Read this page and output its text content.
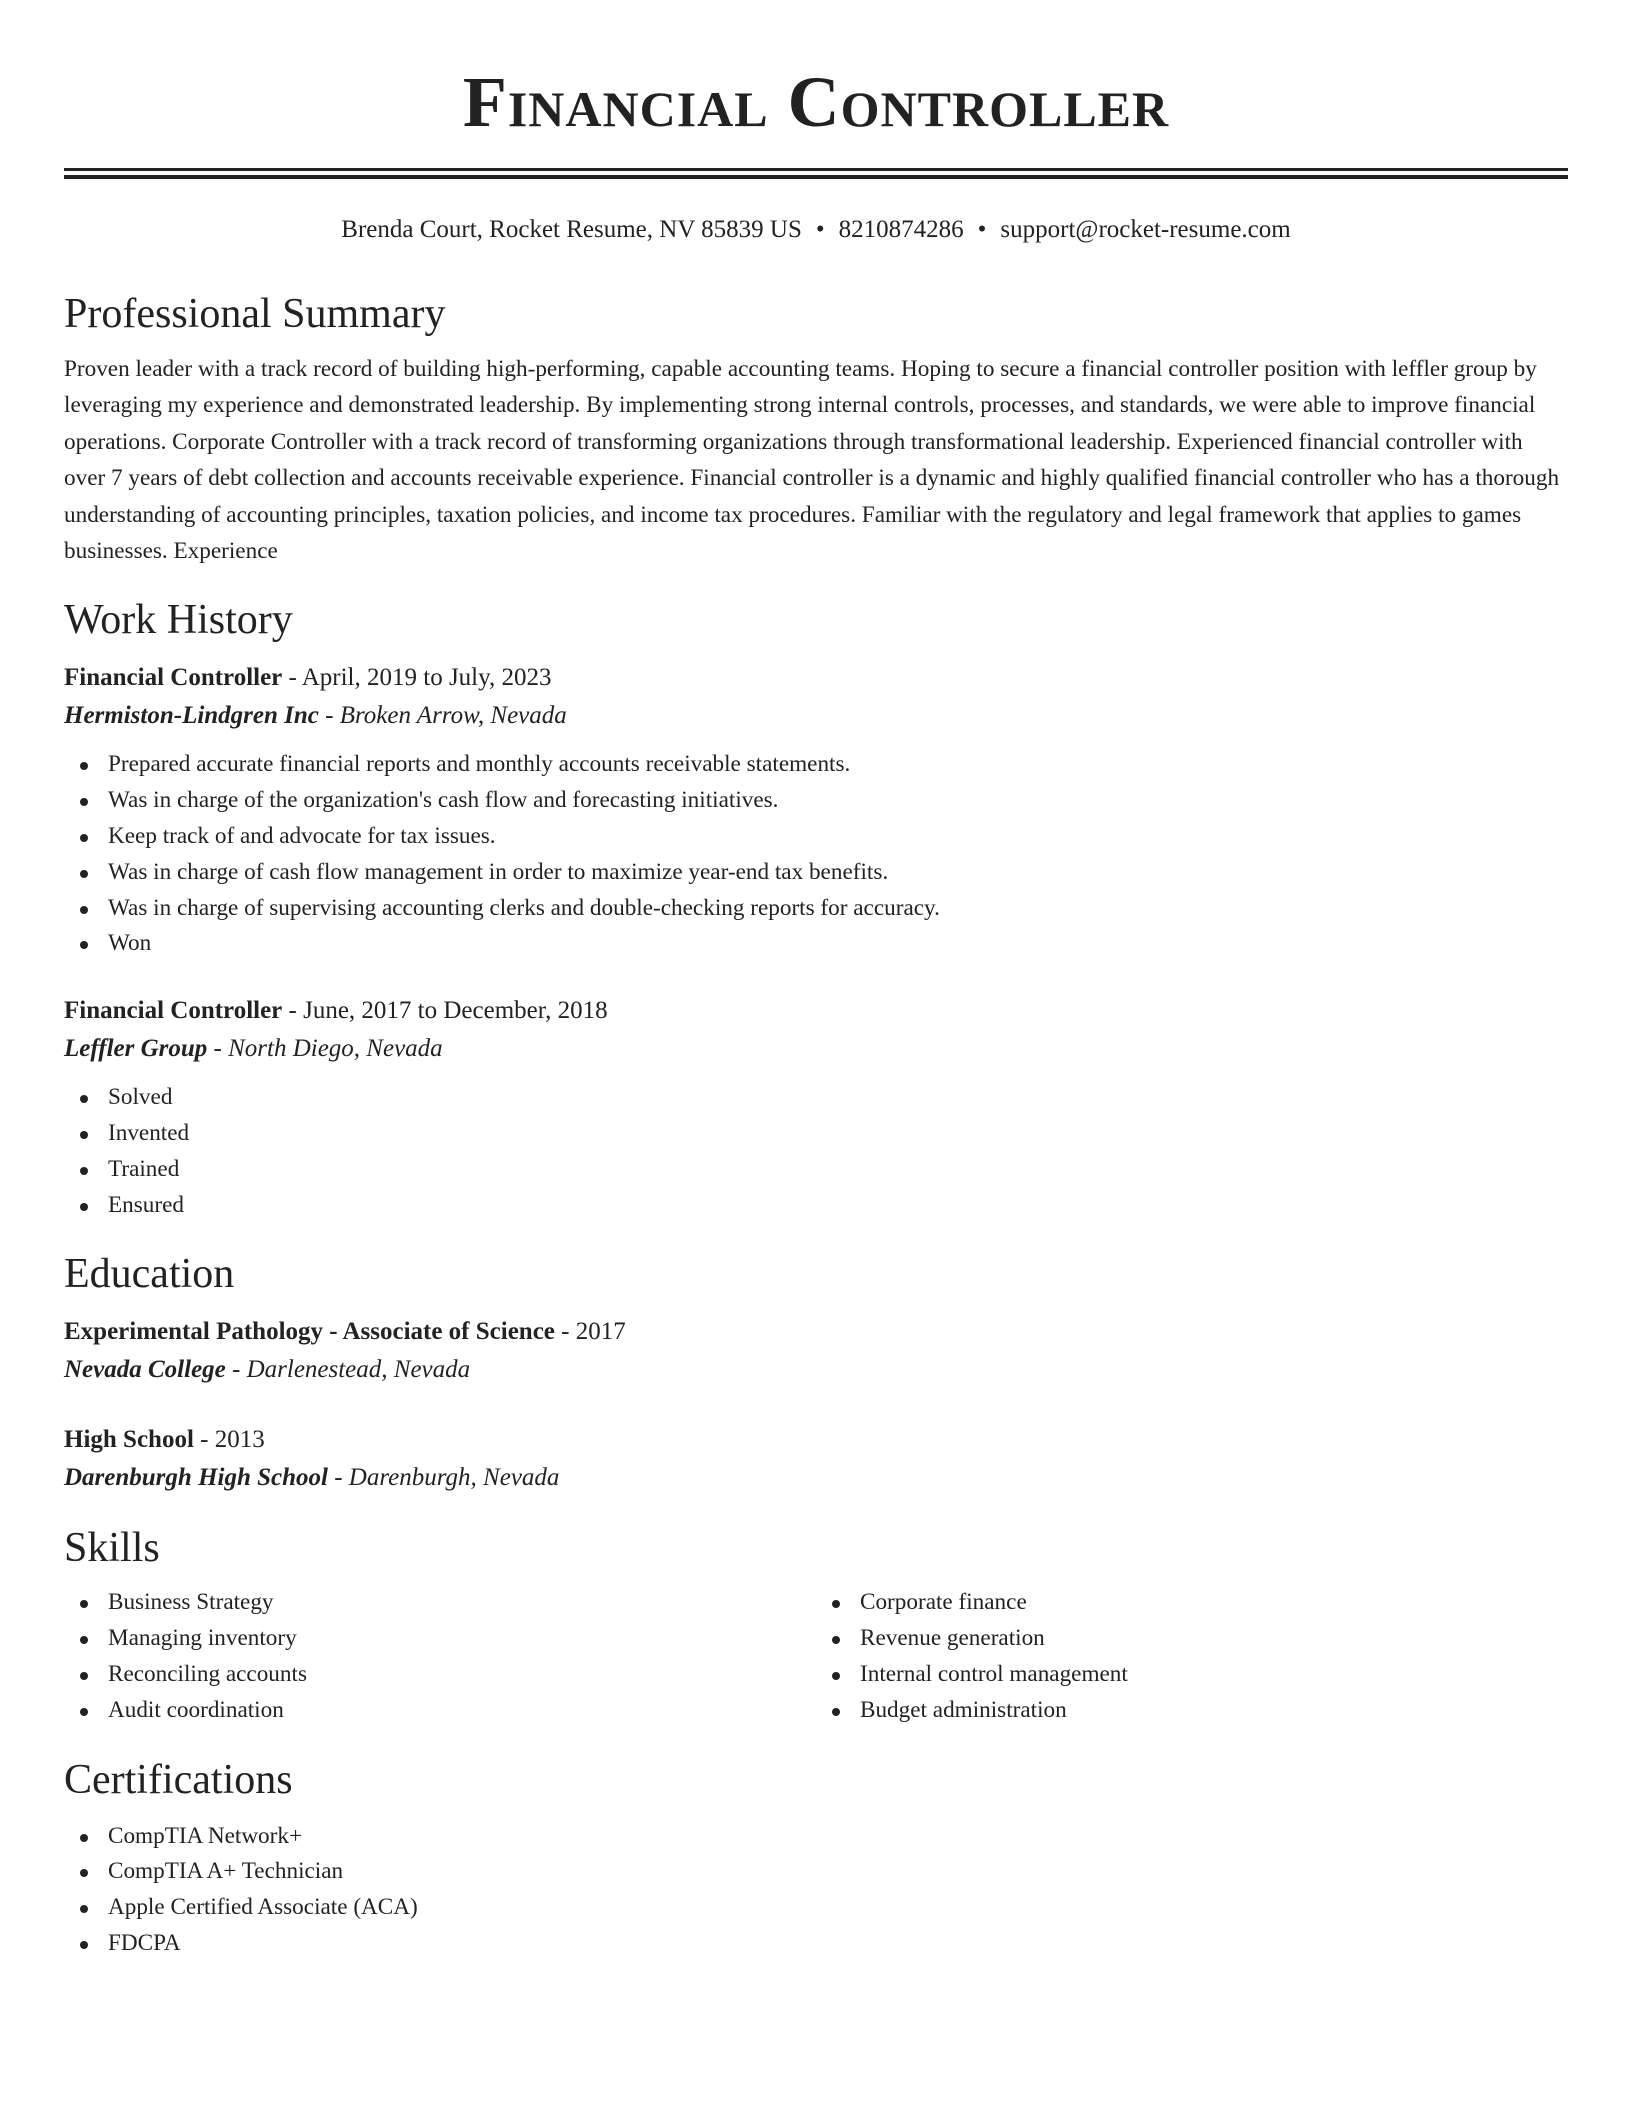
Financial Controller
Brenda Court, Rocket Resume, NV 85839 US • 8210874286 • support@rocket-resume.com
Professional Summary

Proven leader with a track record of building high-performing, capable accounting teams. Hoping to secure a financial controller position with leffler group by leveraging my experience and demonstrated leadership. By implementing strong internal controls, processes, and standards, we were able to improve financial operations. Corporate Controller with a track record of transforming organizations through transformational leadership. Experienced financial controller with over 7 years of debt collection and accounts receivable experience. Financial controller is a dynamic and highly qualified financial controller who has a thorough understanding of accounting principles, taxation policies, and income tax procedures. Familiar with the regulatory and legal framework that applies to games businesses. Experience

Work History
Financial Controller - April, 2019 to July, 2023
Hermiston-Lindgren Inc - Broken Arrow, Nevada
Prepared accurate financial reports and monthly accounts receivable statements.
Was in charge of the organization's cash flow and forecasting initiatives.
Keep track of and advocate for tax issues.
Was in charge of cash flow management in order to maximize year-end tax benefits.
Was in charge of supervising accounting clerks and double-checking reports for accuracy.
Won
Financial Controller - June, 2017 to December, 2018
Leffler Group - North Diego, Nevada
Solved
Invented
Trained
Ensured
Education
Experimental Pathology - Associate of Science - 2017
Nevada College - Darlenestead, Nevada
High School - 2013
Darenburgh High School - Darenburgh, Nevada
Skills
Business Strategy
Managing inventory
Reconciling accounts
Audit coordination
Corporate finance
Revenue generation
Internal control management
Budget administration
Certifications
CompTIA Network+
CompTIA A+ Technician
Apple Certified Associate (ACA)
FDCPA
